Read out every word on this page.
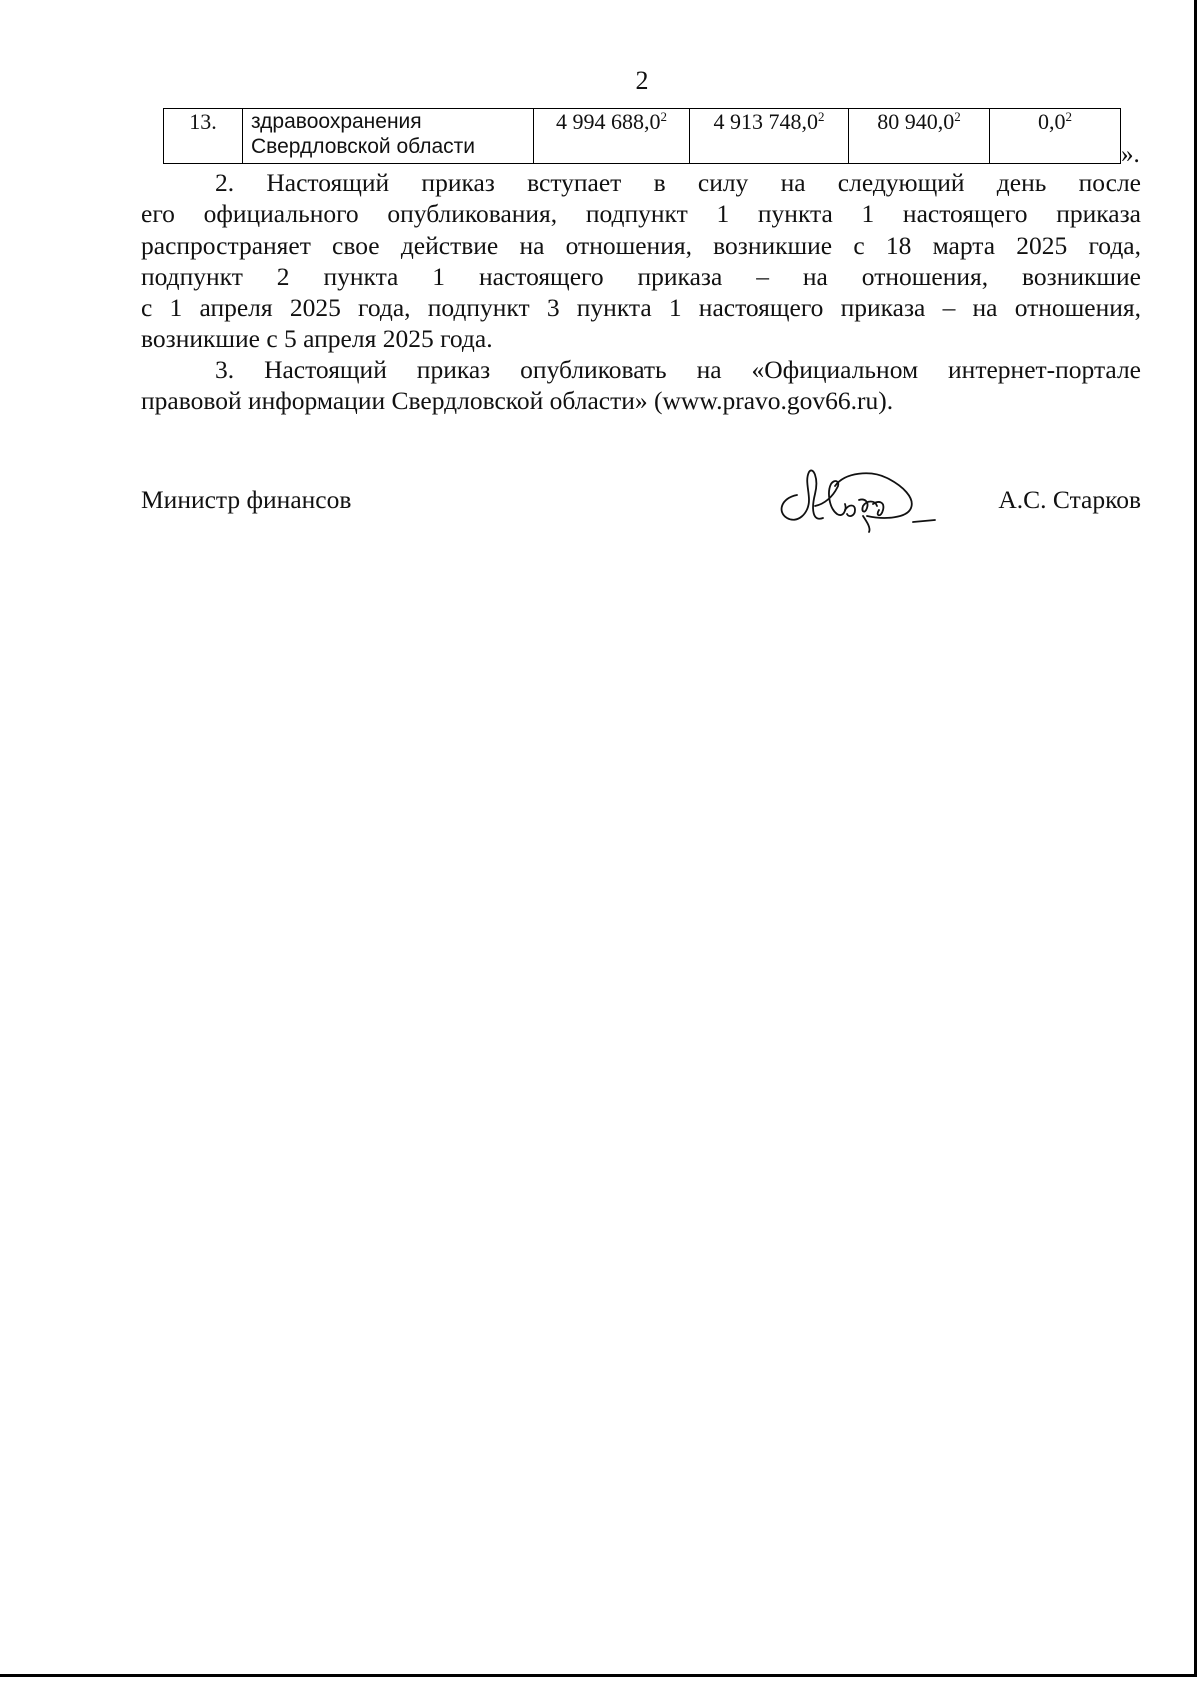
2
13.	здравоохранения
Свердловской области	4 994 688,0$^2$	4 913 748,0$^2$	80 940,0$^2$	$0,0^2$
».
2. Настоящий приказ вступает в силу на следующий день после
его официального опубликования, подпункт 1 пункта 1 настоящего приказа
распространяет свое действие на отношения, возникшие с 18 марта 2025 года,
подпункт 2 пункта 1 настоящего приказа – на отношения, возникшие
с 1 апреля 2025 года, подпункт 3 пункта 1 настоящего приказа – на отношения,
возникшие с 5 апреля 2025 года.
3. Настоящий приказ опубликовать на «Официальном интернет-портале
правовой информации Свердловской области» (www.pravo.gov66.ru).
Министр финансов	А.С. Старков
